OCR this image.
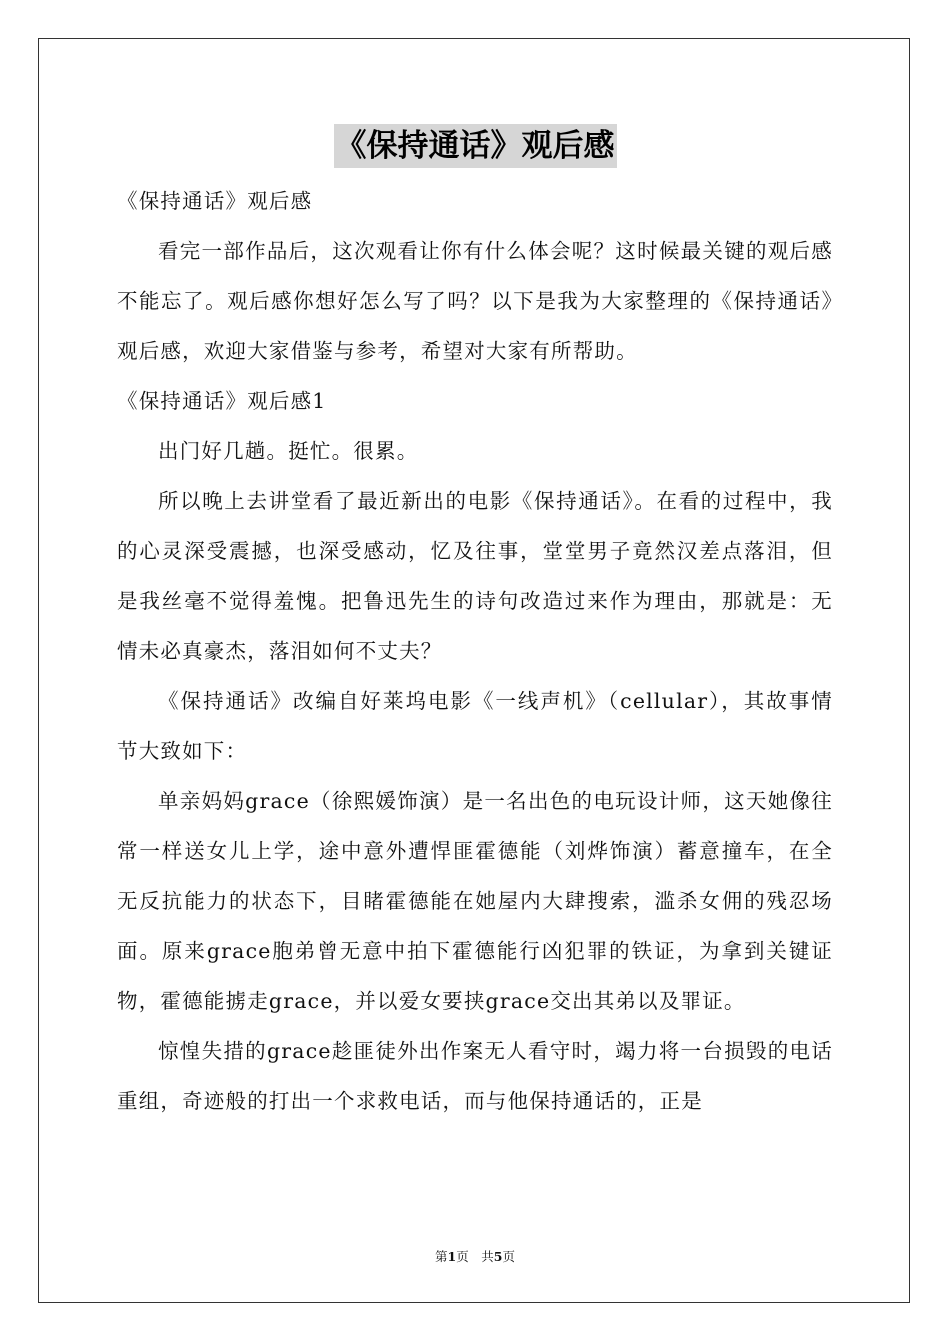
《保持通话》观后感

《保持通话》观后感

看完一部作品后，这次观看让你有什么体会呢？这时候最关键的观后感不能忘了。观后感你想好怎么写了吗？以下是我为大家整理的《保持通话》观后感，欢迎大家借鉴与参考，希望对大家有所帮助。

《保持通话》观后感1

出门好几趟。挺忙。很累。

所以晚上去讲堂看了最近新出的电影《保持通话》。在看的过程中，我的心灵深受震撼，也深受感动，忆及往事，堂堂男子竟然汉差点落泪，但是我丝毫不觉得羞愧。把鲁迅先生的诗句改造过来作为理由，那就是：无情未必真豪杰，落泪如何不丈夫？

《保持通话》改编自好莱坞电影《一线声机》（cellular），其故事情节大致如下：

单亲妈妈grace（徐熙媛饰演）是一名出色的电玩设计师，这天她像往常一样送女儿上学，途中意外遭悍匪霍德能（刘烨饰演）蓄意撞车，在全无反抗能力的状态下，目睹霍德能在她屋内大肆搜索，滥杀女佣的残忍场面。原来grace胞弟曾无意中拍下霍德能行凶犯罪的铁证，为拿到关键证物，霍德能掳走grace，并以爱女要挟grace交出其弟以及罪证。

惊惶失措的grace趁匪徒外出作案无人看守时，竭力将一台损毁的电话重组，奇迹般的打出一个求救电话，而与他保持通话的，正是

第1页　共5页
